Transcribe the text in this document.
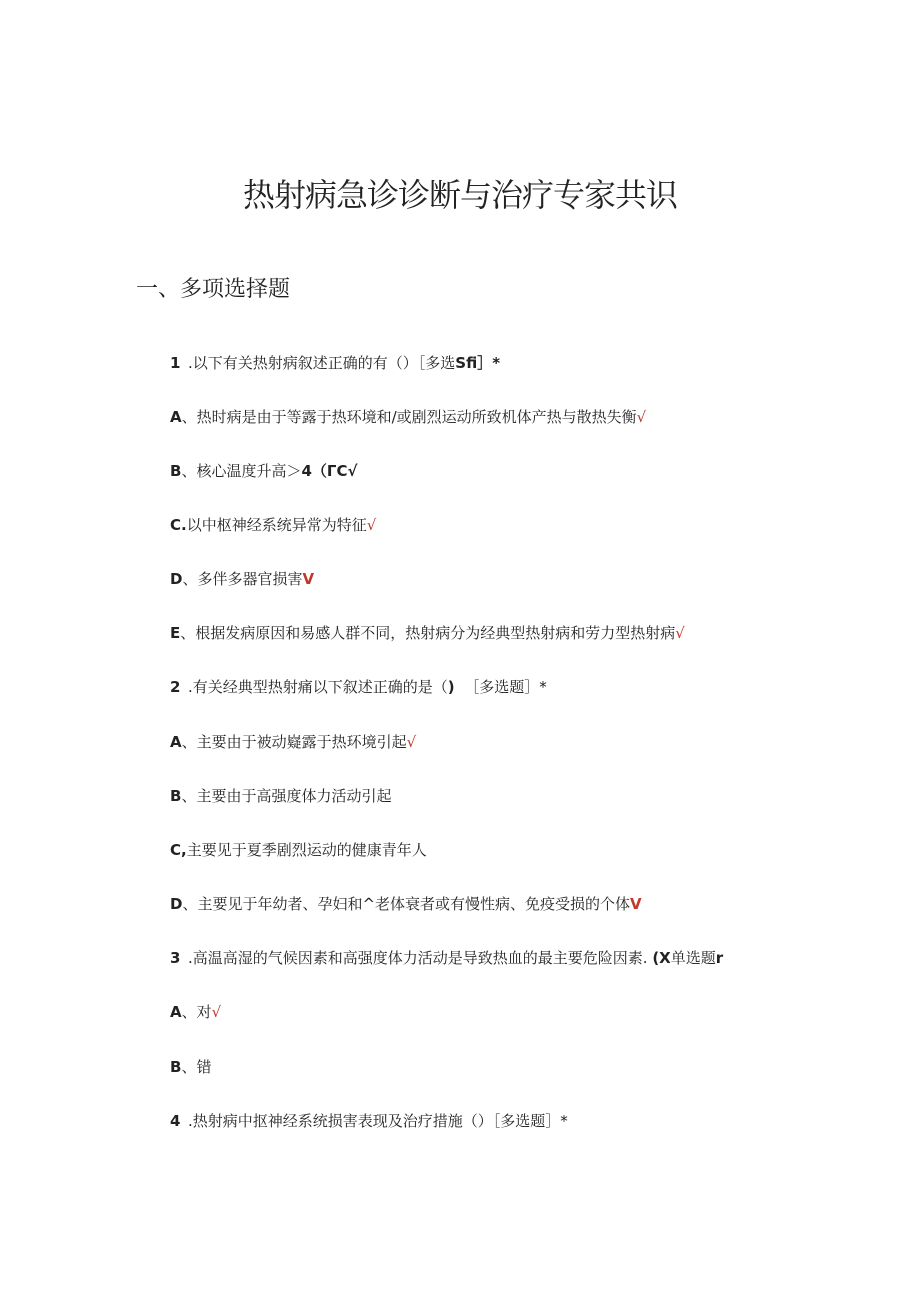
热射病急诊诊断与治疗专家共识
一、多项选择题
1 .以下有关热射病叙述正确的有（）［多选Sfi］*
A、热时病是由于等露于热环境和/或剧烈运动所致机体产热与散热失衡√
B、核心温度升高＞4（ΓC√
C.以中枢神经系统异常为特征√
D、多伴多器官损害V
E、根据发病原因和易感人群不同，热射病分为经典型热射病和劳力型热射病√
2 .有关经典型热射痛以下叙述正确的是（) ［多选题］*
A、主要由于被动嶷露于热环境引起√
B、主要由于高强度体力活动引起
C,主要见于夏季剧烈运动的健康青年人
D、主要见于年幼者、孕妇和^老体衰者或有慢性病、免疫受损的个体V
3 .高温高湿的气候因素和高强度体力活动是导致热血的最主要危险因素. (X单选题r
A、对√
B、错
4 .热射病中抠神经系统损害表现及治疗措施（）［多选题］*
